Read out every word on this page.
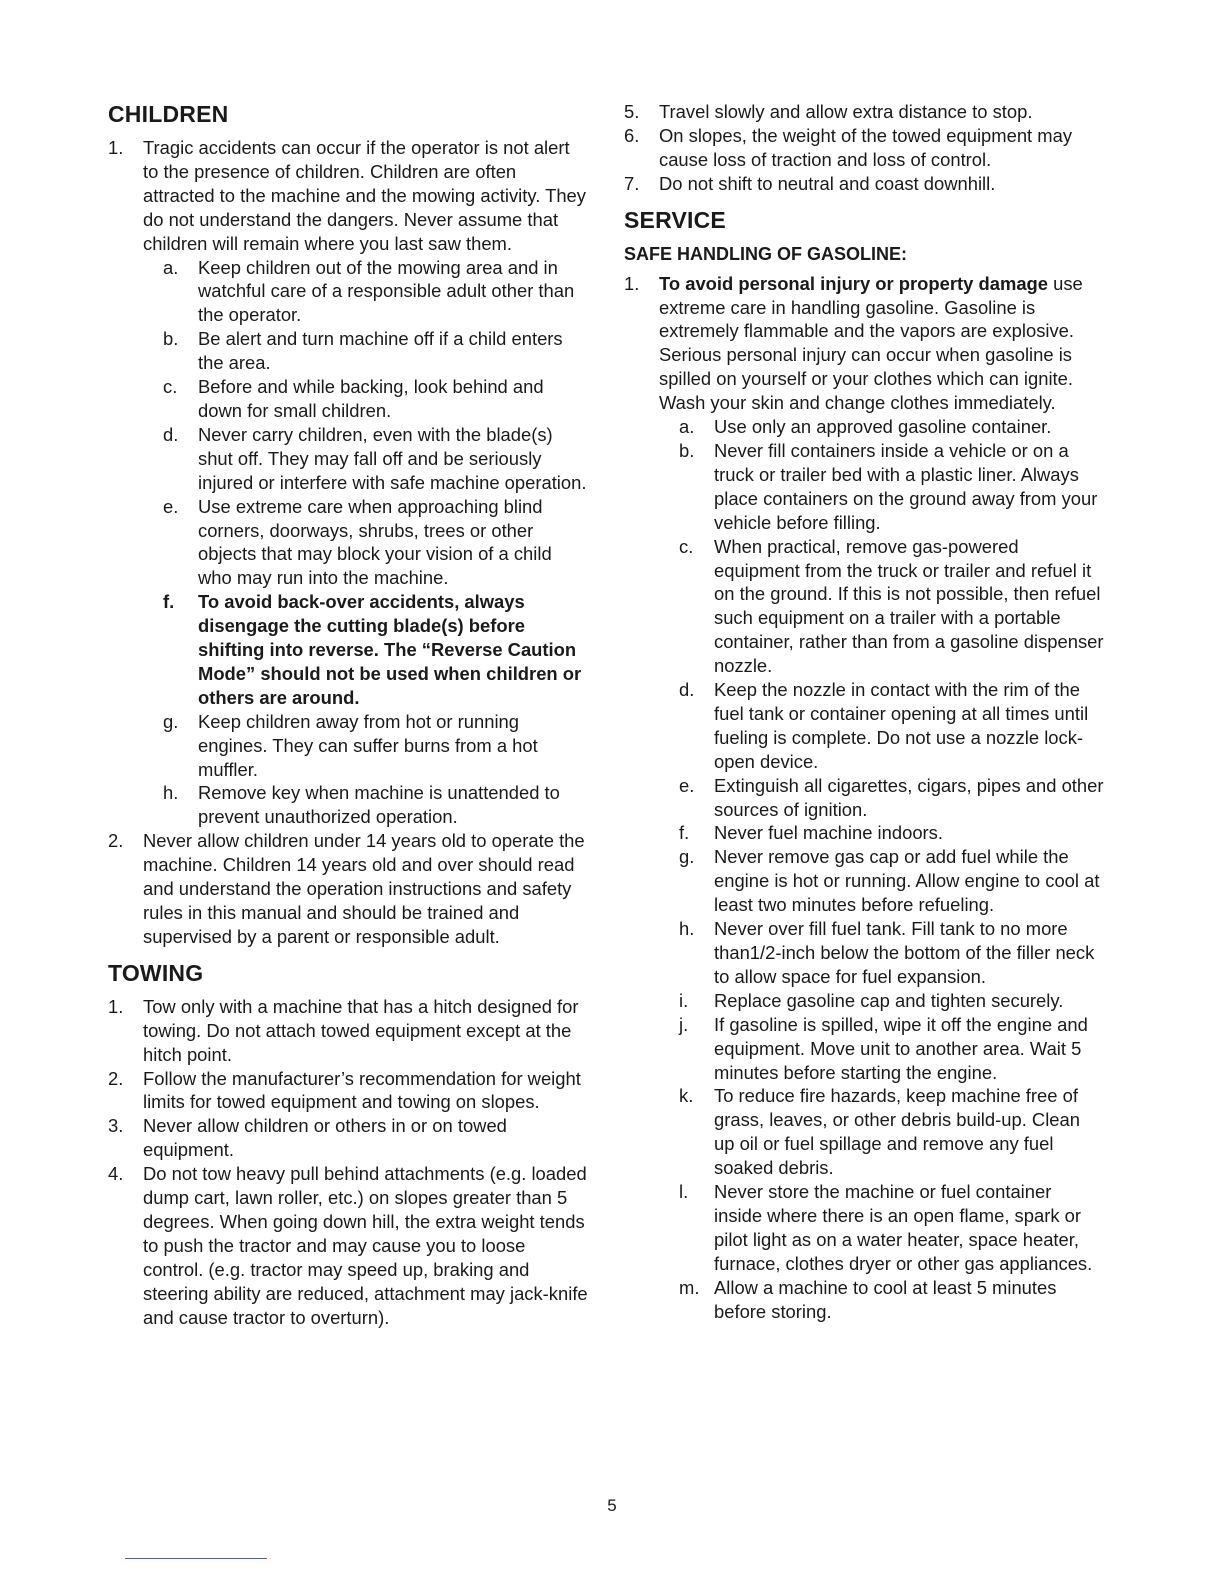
CHILDREN
1. Tragic accidents can occur if the operator is not alert to the presence of children. Children are often attracted to the machine and the mowing activity. They do not understand the dangers. Never assume that children will remain where you last saw them.
a. Keep children out of the mowing area and in watchful care of a responsible adult other than the operator.
b. Be alert and turn machine off if a child enters the area.
c. Before and while backing, look behind and down for small children.
d. Never carry children, even with the blade(s) shut off. They may fall off and be seriously injured or interfere with safe machine operation.
e. Use extreme care when approaching blind corners, doorways, shrubs, trees or other objects that may block your vision of a child who may run into the machine.
f. To avoid back-over accidents, always disengage the cutting blade(s) before shifting into reverse. The “Reverse Caution Mode” should not be used when children or others are around.
g. Keep children away from hot or running engines. They can suffer burns from a hot muffler.
h. Remove key when machine is unattended to prevent unauthorized operation.
2. Never allow children under 14 years old to operate the machine. Children 14 years old and over should read and understand the operation instructions and safety rules in this manual and should be trained and supervised by a parent or responsible adult.
TOWING
1. Tow only with a machine that has a hitch designed for towing. Do not attach towed equipment except at the hitch point.
2. Follow the manufacturer’s recommendation for weight limits for towed equipment and towing on slopes.
3. Never allow children or others in or on towed equipment.
4. Do not tow heavy pull behind attachments (e.g. loaded dump cart, lawn roller, etc.) on slopes greater than 5 degrees. When going down hill, the extra weight tends to push the tractor and may cause you to loose control. (e.g. tractor may speed up, braking and steering ability are reduced, attachment may jack-knife and cause tractor to overturn).
5. Travel slowly and allow extra distance to stop.
6. On slopes, the weight of the towed equipment may cause loss of traction and loss of control.
7. Do not shift to neutral and coast downhill.
SERVICE
SAFE HANDLING OF GASOLINE:
1. To avoid personal injury or property damage use extreme care in handling gasoline. Gasoline is extremely flammable and the vapors are explosive. Serious personal injury can occur when gasoline is spilled on yourself or your clothes which can ignite. Wash your skin and change clothes immediately.
a. Use only an approved gasoline container.
b. Never fill containers inside a vehicle or on a truck or trailer bed with a plastic liner. Always place containers on the ground away from your vehicle before filling.
c. When practical, remove gas-powered equipment from the truck or trailer and refuel it on the ground. If this is not possible, then refuel such equipment on a trailer with a portable container, rather than from a gasoline dispenser nozzle.
d. Keep the nozzle in contact with the rim of the fuel tank or container opening at all times until fueling is complete. Do not use a nozzle lock-open device.
e. Extinguish all cigarettes, cigars, pipes and other sources of ignition.
f. Never fuel machine indoors.
g. Never remove gas cap or add fuel while the engine is hot or running. Allow engine to cool at least two minutes before refueling.
h. Never over fill fuel tank. Fill tank to no more than1/2-inch below the bottom of the filler neck to allow space for fuel expansion.
i. Replace gasoline cap and tighten securely.
j. If gasoline is spilled, wipe it off the engine and equipment. Move unit to another area. Wait 5 minutes before starting the engine.
k. To reduce fire hazards, keep machine free of grass, leaves, or other debris build-up. Clean up oil or fuel spillage and remove any fuel soaked debris.
l. Never store the machine or fuel container inside where there is an open flame, spark or pilot light as on a water heater, space heater, furnace, clothes dryer or other gas appliances.
m. Allow a machine to cool at least 5 minutes before storing.
5
